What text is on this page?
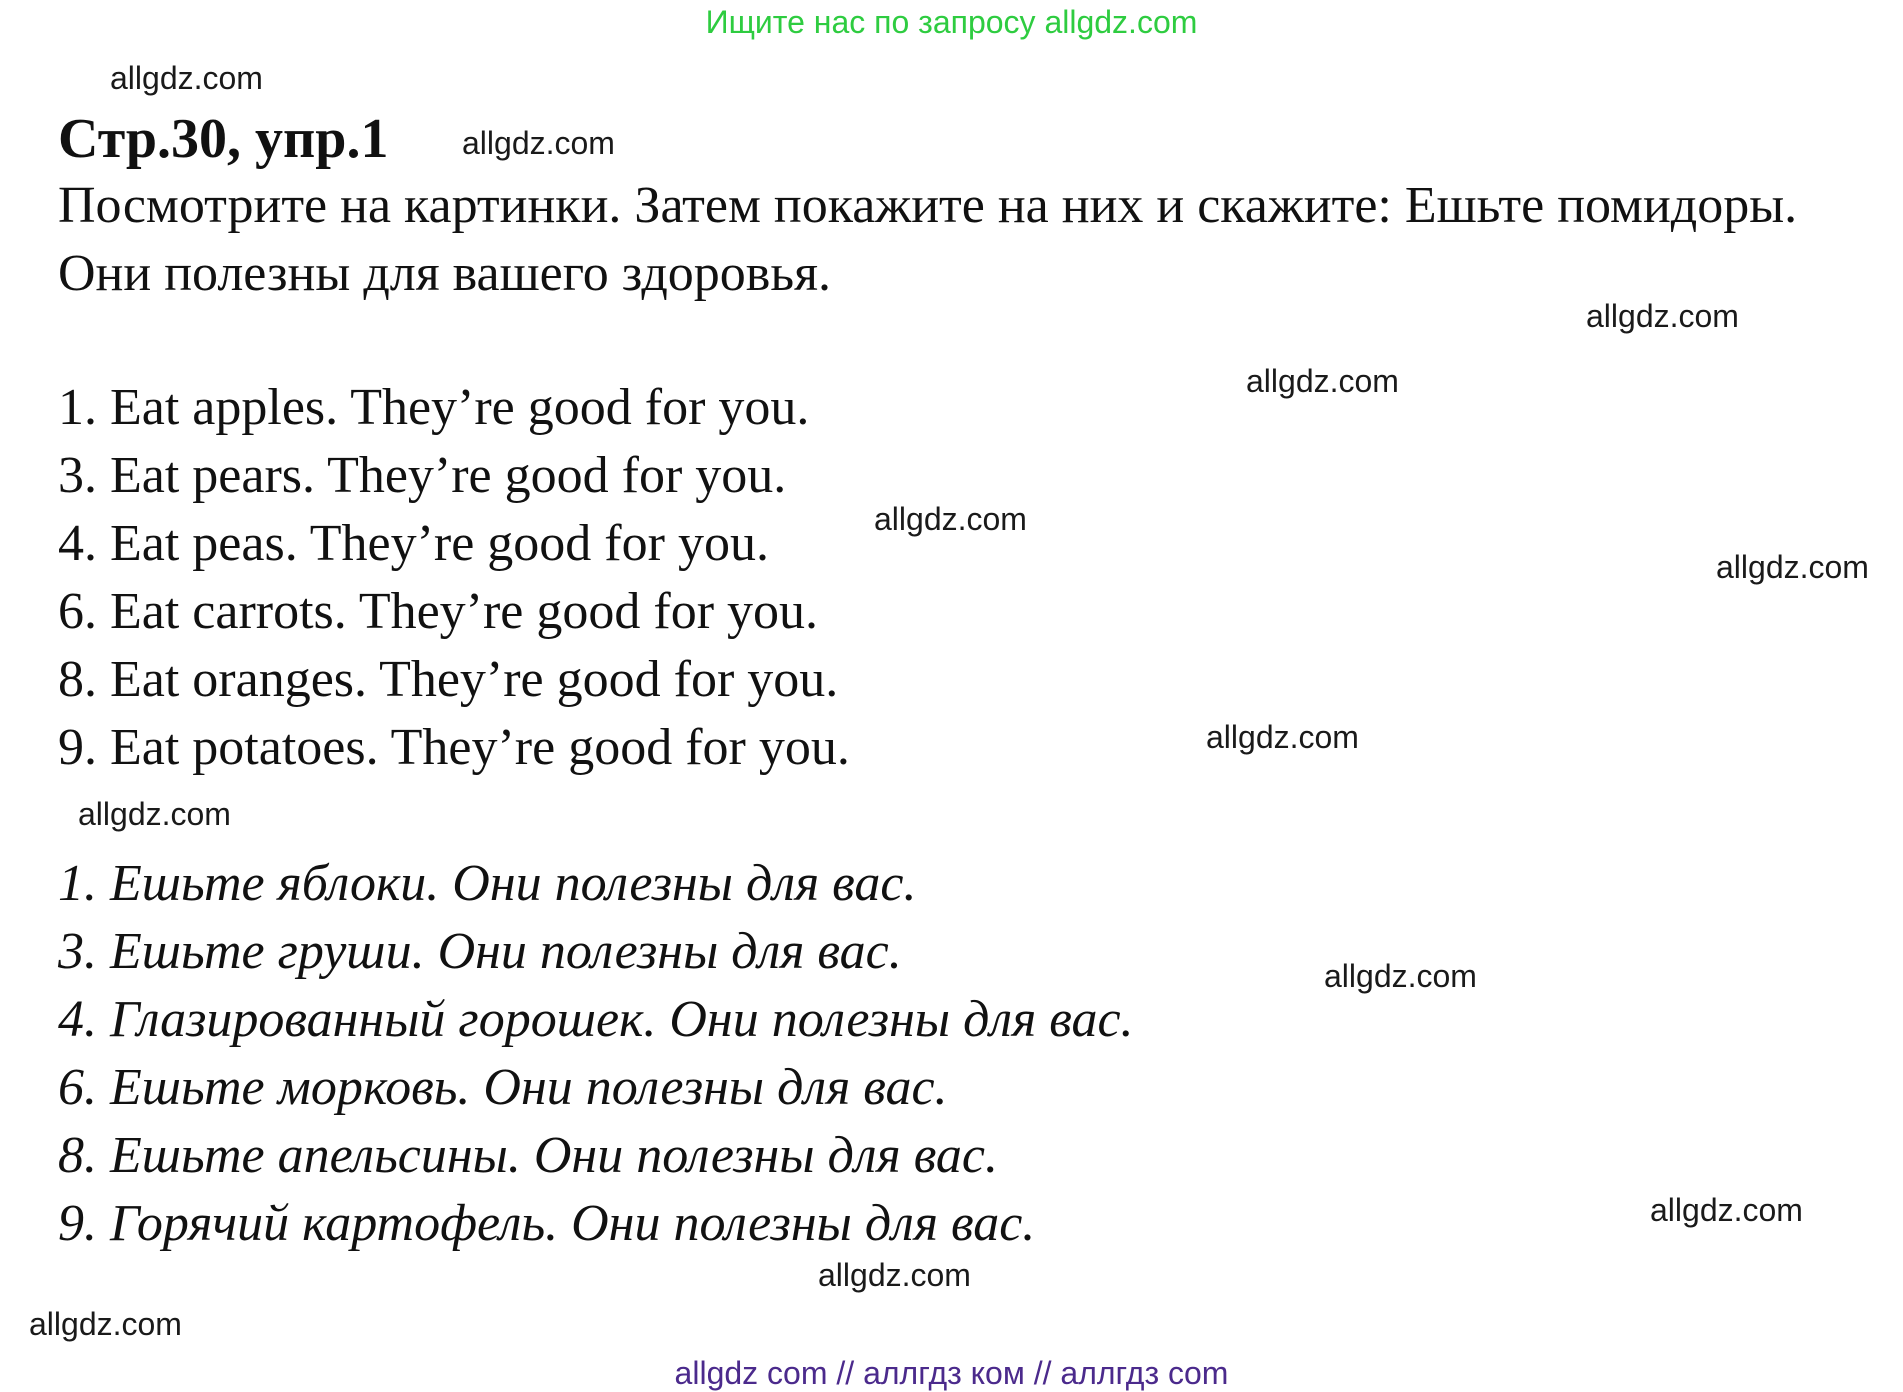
Ищите нас по запросу allgdz.com
allgdz.com
Стр.30, упр.1 allgdz.com
Посмотрите на картинки. Затем покажите на них и скажите: Ешьте помидоры. Они полезны для вашего здоровья.
allgdz.com
allgdz.com
1. Eat apples. They’re good for you.
3. Eat pears. They’re good for you.
4. Eat peas. They’re good for you.
6. Eat carrots. They’re good for you.
8. Eat oranges. They’re good for you.
9. Eat potatoes. They’re good for you.
allgdz.com
allgdz.com
allgdz.com
allgdz.com
1. Ешьте яблоки. Они полезны для вас.
3. Ешьте груши. Они полезны для вас.
4. Глазированный горошек. Они полезны для вас.
6. Ешьте морковь. Они полезны для вас.
8. Ешьте апельсины. Они полезны для вас.
9. Горячий картофель. Они полезны для вас.
allgdz.com
allgdz.com
allgdz.com
allgdz.com
allgdz com // аллгдз ком // аллгдз com
